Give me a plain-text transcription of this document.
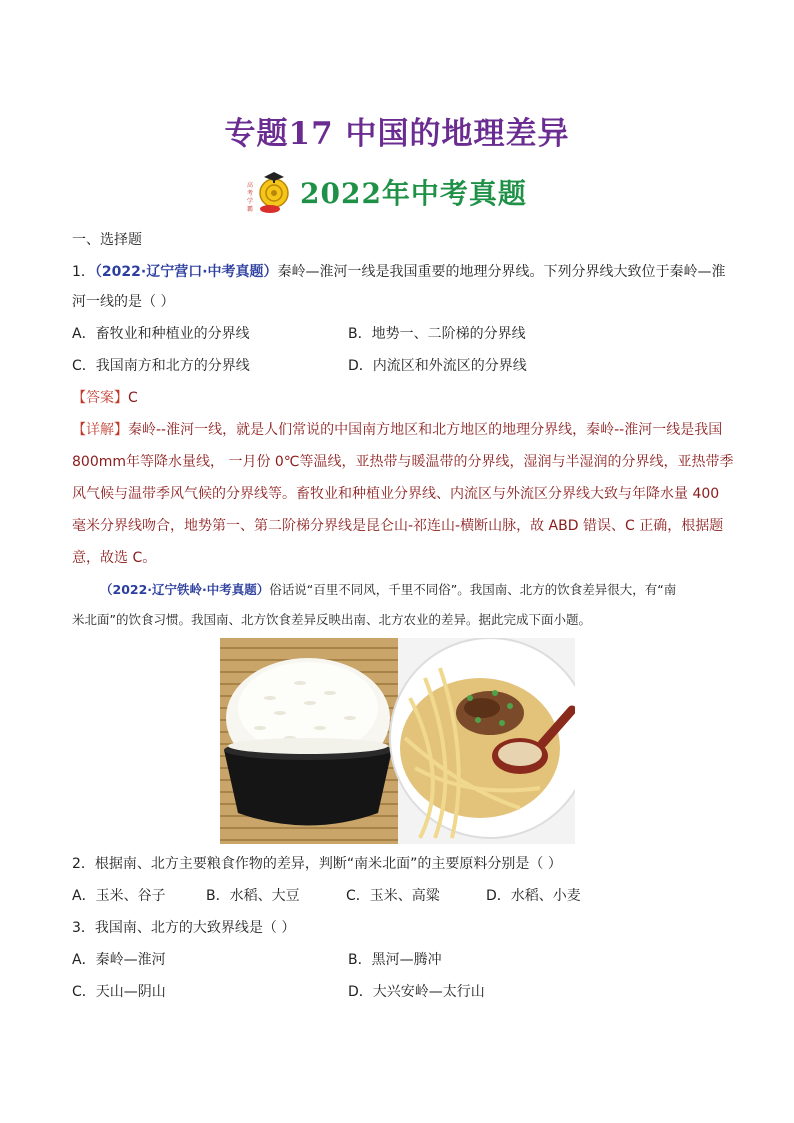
专题17 中国的地理差异
高
考
学
霸 2022年中考真题
一、选择题
1．（2022·辽宁营口·中考真题）秦岭—淮河一线是我国重要的地理分界线。下列分界线大致位于秦岭—淮
河一线的是（ ）
A．畜牧业和种植业的分界线	B．地势一、二阶梯的分界线
C．我国南方和北方的分界线	D．内流区和外流区的分界线
【答案】C
【详解】秦岭--淮河一线，就是人们常说的中国南方地区和北方地区的地理分界线，秦岭--淮河一线是我国
800mm年等降水量线， 一月份 0℃等温线，亚热带与暖温带的分界线，湿润与半湿润的分界线，亚热带季
风气候与温带季风气候的分界线等。畜牧业和种植业分界线、内流区与外流区分界线大致与年降水量 400
毫米分界线吻合，地势第一、第二阶梯分界线是昆仑山-祁连山-横断山脉，故 ABD 错误、C 正确，根据题
意，故选 C。
（2022·辽宁铁岭·中考真题）俗话说“百里不同风，千里不同俗”。我国南、北方的饮食差异很大，有“南
米北面”的饮食习惯。我国南、北方饮食差异反映出南、北方农业的差异。据此完成下面小题。
2．根据南、北方主要粮食作物的差异，判断“南米北面”的主要原料分别是（ ）
A．玉米、谷子	B．水稻、大豆	C．玉米、高粱	D．水稻、小麦
3．我国南、北方的大致界线是（ ）
A．秦岭—淮河	B．黑河—腾冲
C．天山—阴山	D．大兴安岭—太行山
